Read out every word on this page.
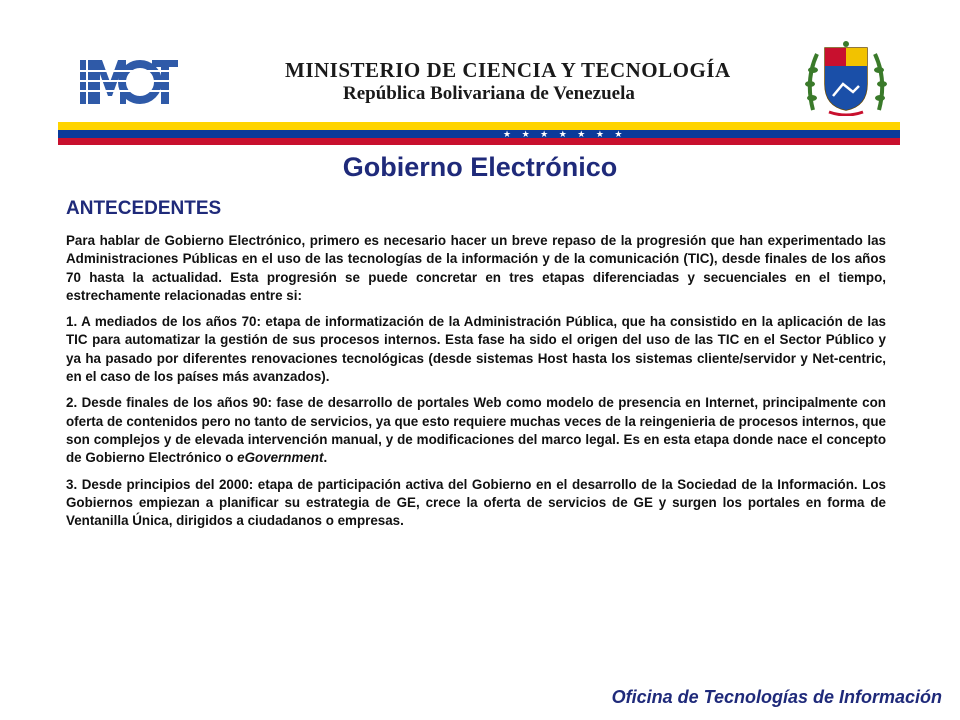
MINISTERIO DE CIENCIA Y TECNOLOGÍA
República Bolivariana de Venezuela
★ ★ ★ ★ ★ ★ ★
Gobierno Electrónico
ANTECEDENTES

Para hablar de Gobierno Electrónico, primero es necesario hacer un breve repaso de la progresión que han experimentado las Administraciones Públicas en el uso de las tecnologías de la información y de la comunicación (TIC), desde finales de los años 70 hasta la actualidad. Esta progresión se puede concretar en tres etapas diferenciadas y secuenciales en el tiempo, estrechamente relacionadas entre si:

1. A mediados de los años 70: etapa de informatización de la Administración Pública, que ha consistido en la aplicación de las TIC para automatizar la gestión de sus procesos internos. Esta fase ha sido el origen del uso de las TIC en el Sector Público y ya ha pasado por diferentes renovaciones tecnológicas (desde sistemas Host hasta los sistemas cliente/servidor y Net-centric, en el caso de los países más avanzados).

2. Desde finales de los años 90: fase de desarrollo de portales Web como modelo de presencia en Internet, principalmente con oferta de contenidos pero no tanto de servicios, ya que esto requiere muchas veces de la reingenieria de procesos internos, que son complejos y de elevada intervención manual, y de modificaciones del marco legal. Es en esta etapa donde nace el concepto de Gobierno Electrónico o eGovernment.

3. Desde principios del 2000: etapa de participación activa del Gobierno en el desarrollo de la Sociedad de la Información. Los Gobiernos empiezan a planificar su estrategia de GE, crece la oferta de servicios de GE y surgen los portales en forma de Ventanilla Única, dirigidos a ciudadanos o empresas.

Oficina de Tecnologías de Información
